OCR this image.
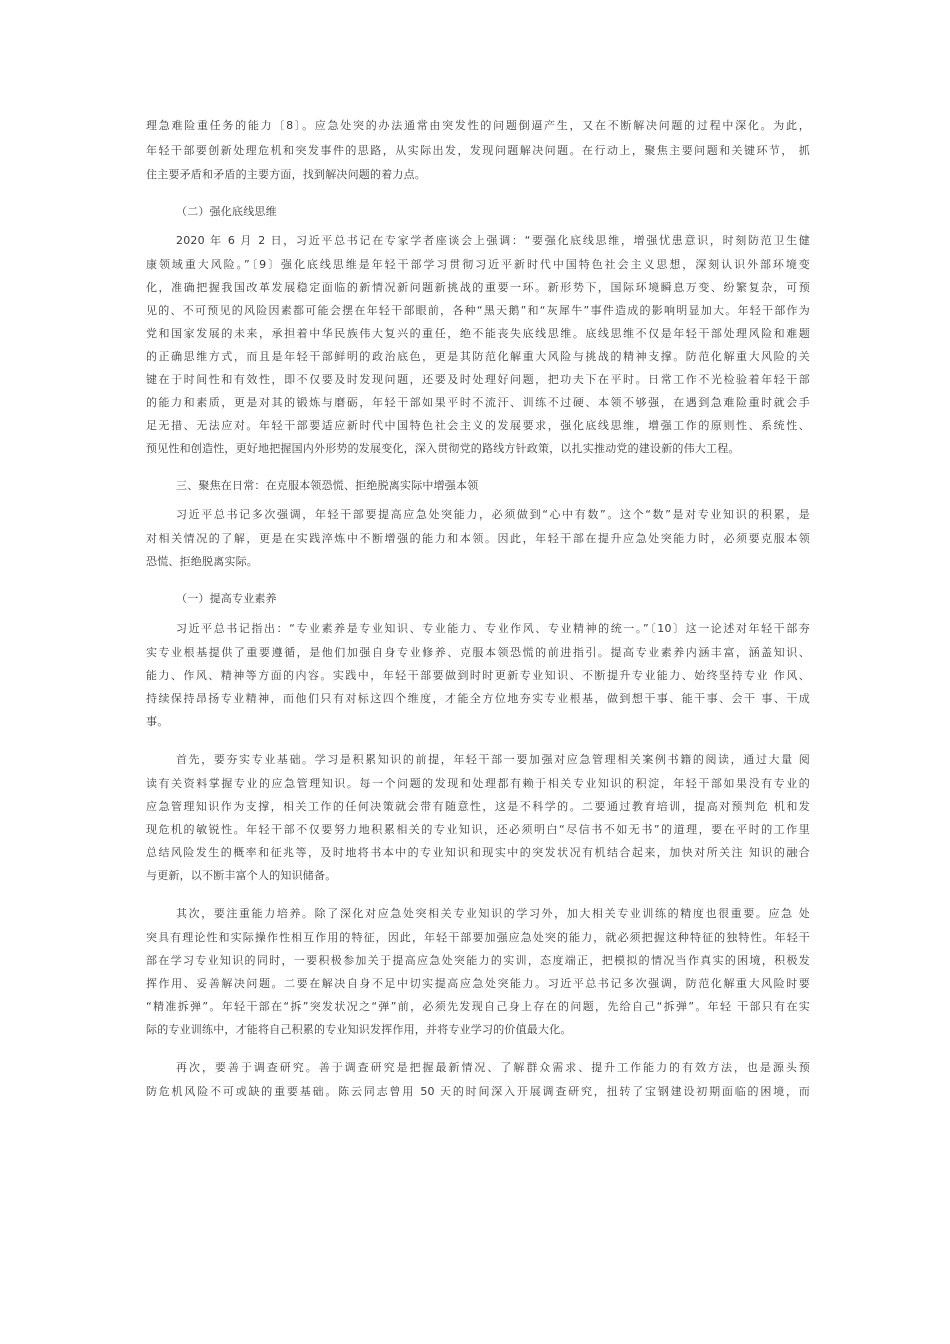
理急难险重任务的能力〔8〕。应急处突的办法通常由突发性的问题倒逼产生，又在不断解决问题的过程中深化。为此，
年轻干部要创新处理危机和突发事件的思路，从实际出发，发现问题解决问题。在行动上，聚焦主要问题和关键环节， 抓
住主要矛盾和矛盾的主要方面，找到解决问题的着力点。
（二）强化底线思维
2020 年 6 月 2 日，习近平总书记在专家学者座谈会上强调：“要强化底线思维，增强忧患意识，时刻防范卫生健
康领域重大风险。”〔9〕强化底线思维是年轻干部学习贯彻习近平新时代中国特色社会主义思想，深刻认识外部环境变
化，准确把握我国改革发展稳定面临的新情况新问题新挑战的重要一环。新形势下，国际环境瞬息万变、纷繁复杂，可预
见的、不可预见的风险因素都可能会摆在年轻干部眼前，各种“黑天鹅”和“灰犀牛”事件造成的影响明显加大。年轻干部作为
党和国家发展的未来，承担着中华民族伟大复兴的重任，绝不能丧失底线思维。底线思维不仅是年轻干部处理风险和难题
的正确思维方式，而且是年轻干部鲜明的政治底色，更是其防范化解重大风险与挑战的精神支撑。防范化解重大风险的关
键在于时间性和有效性，即不仅要及时发现问题，还要及时处理好问题，把功夫下在平时。日常工作不光检验着年轻干部
的能力和素质，更是对其的锻炼与磨砺，年轻干部如果平时不流汗、训练不过硬、本领不够强，在遇到急难险重时就会手
足无措、无法应对。年轻干部要适应新时代中国特色社会主义的发展要求，强化底线思维，增强工作的原则性、系统性、
预见性和创造性，更好地把握国内外形势的发展变化，深入贯彻党的路线方针政策，以扎实推动党的建设新的伟大工程。
三、聚焦在日常：在克服本领恐慌、拒绝脱离实际中增强本领
习近平总书记多次强调，年轻干部要提高应急处突能力，必须做到“心中有数”。这个“数”是对专业知识的积累，是
对相关情况的了解，更是在实践淬炼中不断增强的能力和本领。因此，年轻干部在提升应急处突能力时，必须要克服本领
恐慌、拒绝脱离实际。
（一）提高专业素养
习近平总书记指出：“专业素养是专业知识、专业能力、专业作风、专业精神的统一。”〔10〕这一论述对年轻干部夯
实专业根基提供了重要遵循，是他们加强自身专业修养、克服本领恐慌的前进指引。提高专业素养内涵丰富，涵盖知识、
能力、作风、精神等方面的内容。实践中，年轻干部要做到时时更新专业知识、不断提升专业能力、始终坚持专业 作风、
持续保持昂扬专业精神，而他们只有对标这四个维度，才能全方位地夯实专业根基，做到想干事、能干事、会干 事、干成
事。
首先，要夯实专业基础。学习是积累知识的前提，年轻干部一要加强对应急管理相关案例书籍的阅读，通过大量 阅
读有关资料掌握专业的应急管理知识。每一个问题的发现和处理都有赖于相关专业知识的积淀，年轻干部如果没有专业的
应急管理知识作为支撑，相关工作的任何决策就会带有随意性，这是不科学的。二要通过教育培训，提高对预判危 机和发
现危机的敏锐性。年轻干部不仅要努力地积累相关的专业知识，还必须明白“尽信书不如无书”的道理，要在平时的工作里
总结风险发生的概率和征兆等，及时地将书本中的专业知识和现实中的突发状况有机结合起来，加快对所关注 知识的融合
与更新，以不断丰富个人的知识储备。
其次，要注重能力培养。除了深化对应急处突相关专业知识的学习外，加大相关专业训练的精度也很重要。应急 处
突具有理论性和实际操作性相互作用的特征，因此，年轻干部要加强应急处突的能力，就必须把握这种特征的独特性。年轻干
部在学习专业知识的同时，一要积极参加关于提高应急处突能力的实训，态度端正，把模拟的情况当作真实的困境，积极发
挥作用、妥善解决问题。二要在解决自身不足中切实提高应急处突能力。习近平总书记多次强调，防范化解重大风险时要
“精准拆弹”。年轻干部在“拆”突发状况之“弹”前，必须先发现自己身上存在的问题，先给自己“拆弹”。年轻 干部只有在实
际的专业训练中，才能将自己积累的专业知识发挥作用，并将专业学习的价值最大化。
再次，要善于调查研究。善于调查研究是把握最新情况、了解群众需求、提升工作能力的有效方法，也是源头预
防危机风险不可或缺的重要基础。陈云同志曾用 50 天的时间深入开展调查研究，扭转了宝钢建设初期面临的困境，而
